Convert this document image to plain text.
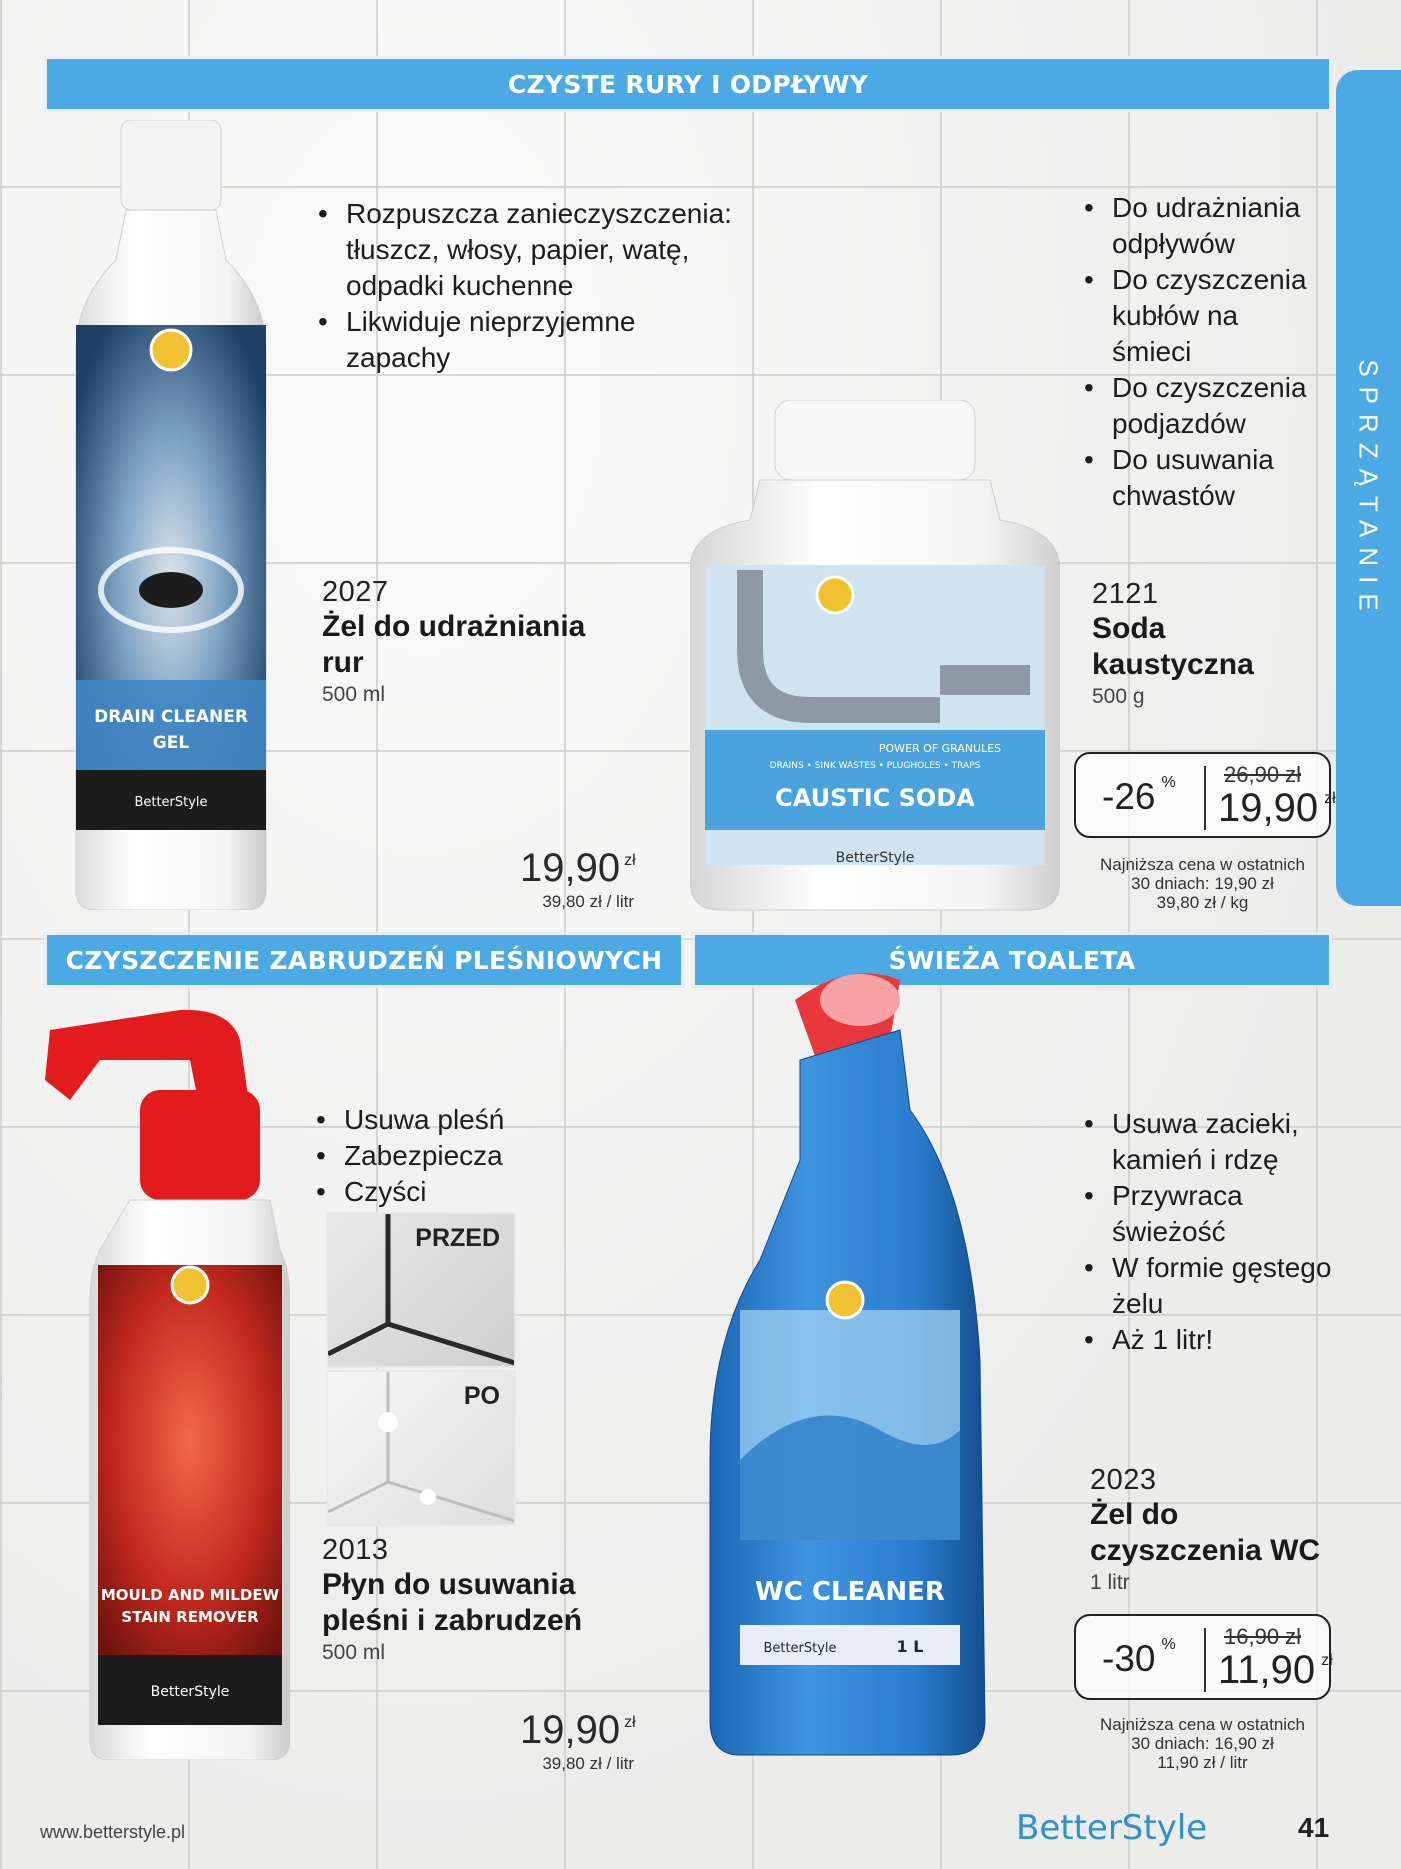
CZYSTE RURY I ODPŁYWY
CZYSZCZENIE ZABRUDZEŃ PLEŚNIOWYCH	ŚWIEŻA TOALETA
SPRZĄTANIE
DRAIN CLEANER
GEL
BetterStyle
• Rozpuszcza zanieczyszczenia: tłuszcz, włosy, papier, watę, odpadki kuchenne
• Likwiduje nieprzyjemne zapachy
2027
Żel do udrażniania rur
500 ml
19,90 $^{zł}$
39,80 zł / litr
POWER OF GRANULES
DRAINS • SINK WASTES • PLUGHOLES • TRAPS
CAUSTIC SODA
BetterStyle
• Do udrażniania odpływów
• Do czyszczenia kubłów na śmieci
• Do czyszczenia podjazdów
• Do usuwania chwastów
2121
Soda kaustyczna
500 g
-26 % 26,90 zł
19,90 $^{zł}$
Najniższa cena w ostatnich
30 dniach: 19,90 zł
39,80 zł / kg
MOULD AND MILDEW
STAIN REMOVER
BetterStyle
• Usuwa pleśń
• Zabezpiecza
• Czyści
PRZED
PO
2013
Płyn do usuwania pleśni i zabrudzeń
500 ml
19,90 $^{zł}$
39,80 zł / litr
WC CLEANER
BetterStyle	1 L
• Usuwa zacieki, kamień i rdzę
• Przywraca świeżość
• W formie gęstego żelu
• Aż 1 litr!
2023
Żel do czyszczenia WC
1 litr
-30 % 16,90 zł
11,90 $^{zł}$
Najniższa cena w ostatnich
30 dniach: 16,90 zł
11,90 zł / litr
www.betterstyle.pl	BetterStyle	41
